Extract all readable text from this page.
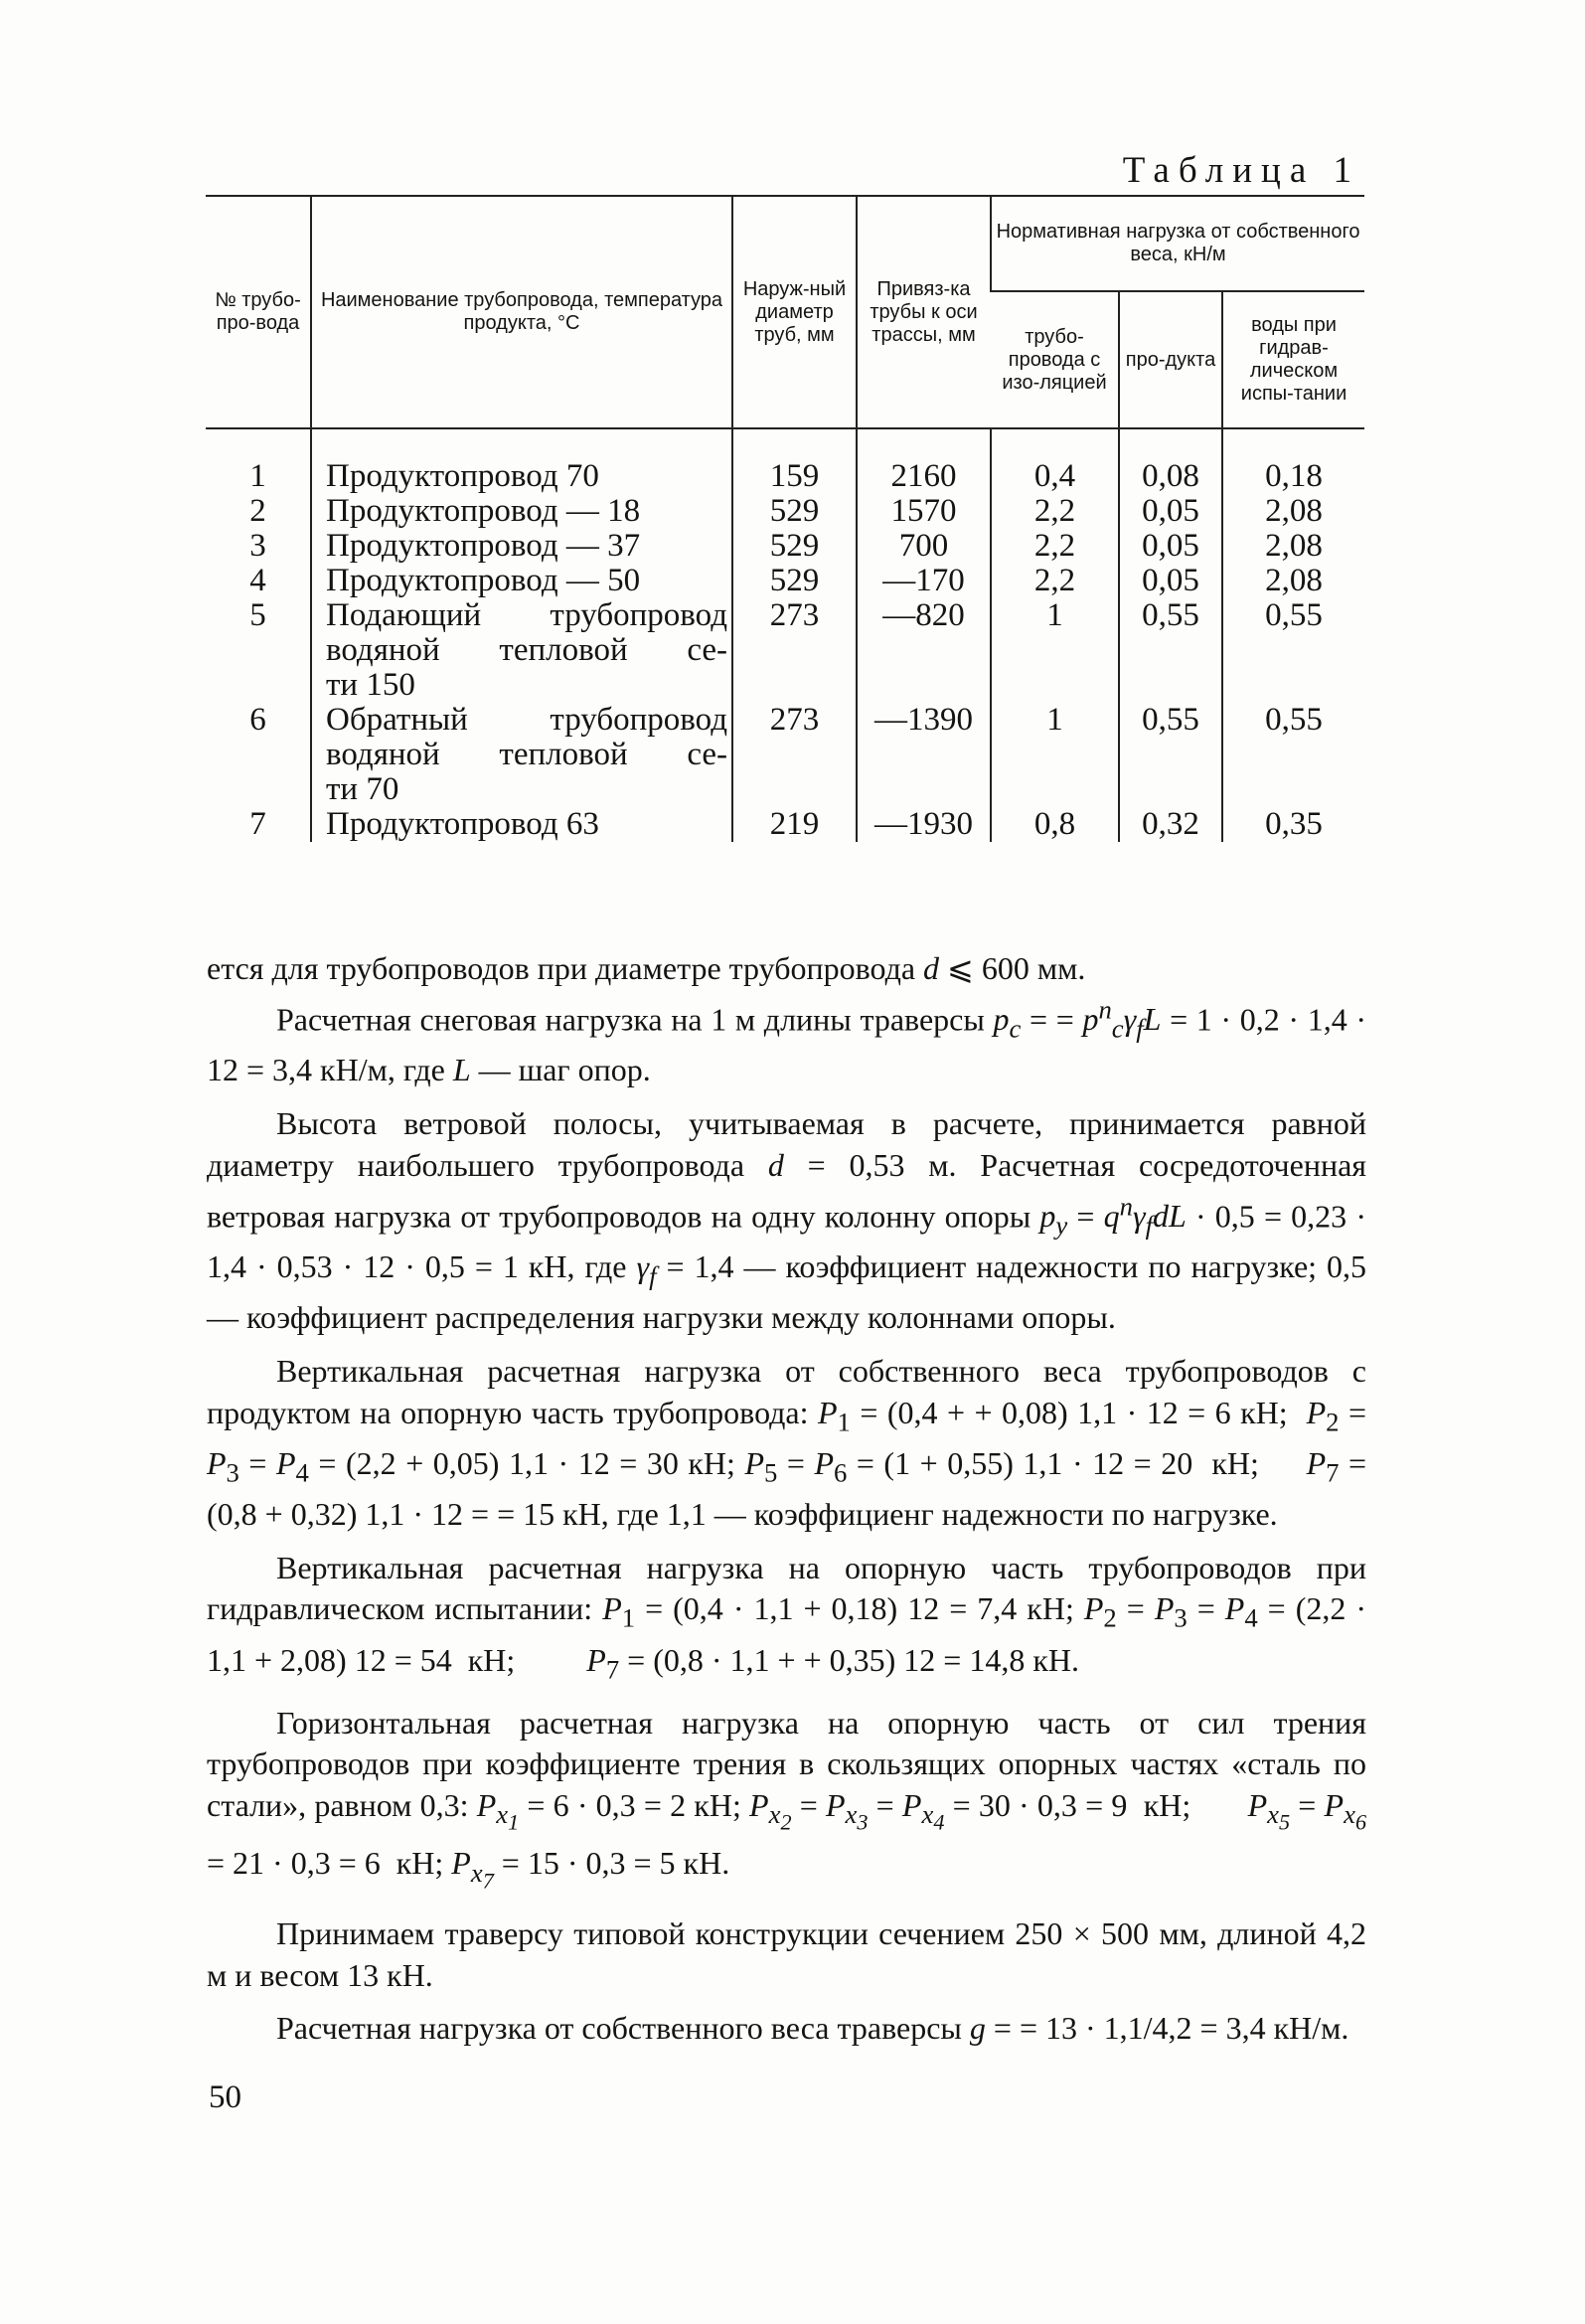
Таблица 1
№ трубо-про-вода	Наименование трубопровода, температура продукта, °С	Наруж-ный диаметр труб, мм	Привяз-ка трубы к оси трассы, мм	Нормативная нагрузка от собственного веса, кН/м		
				трубо-провода с изо-ляцией	про-дукта	воды при гидрав-лическом испы-тании
1	Продуктопровод 70	159	2160	0,4	0,08	0,18
2	Продуктопровод — 18	529	1570	2,2	0,05	2,08
3	Продуктопровод — 37	529	700	2,2	0,05	2,08
4	Продуктопровод — 50	529	—170	2,2	0,05	2,08
5	Подающий трубопровод
водяной тепловой се-
ти 150	273	—820	1	0,55	0,55
6	Обратный трубопровод
водяной тепловой се-
ти 70	273	—1390	1	0,55	0,55
7	Продуктопровод 63	219	—1930	0,8	0,32	0,35

ется для трубопроводов при диаметре трубопровода d ⩽ 600 мм.

Расчетная снеговая нагрузка на 1 м длины траверсы $p_c$ = = $p^n_c\gamma_fL = 1 \cdot 0,2 \cdot 1,4 \cdot 12 = 3,4$ кН/м, где L — шаг опор.

Высота ветровой полосы, учитываемая в расчете, принимается равной диаметру наибольшего трубопровода d = 0,53 м. Расчетная сосредоточенная ветровая нагрузка от трубопроводов на одну колонну опоры $p_y = q^n\gamma_fdL \cdot 0,5 = 0,23 \cdot 1,4 \cdot 0,53 \cdot 12 \cdot 0,5 = 1$ кН, где $\gamma_f = 1,4$ — коэффициент надежности по нагрузке; 0,5 — коэффициент распределения нагрузки между колоннами опоры.

Вертикальная расчетная нагрузка от собственного веса трубопроводов с продуктом на опорную часть трубопровода: $P_1 = (0,4$ + + 0,08) 1,1 · 12 = 6 кН;  $P_2 = P_3 = P_4 = (2,2 + 0,05) 1,1 \cdot 12 = 30$ кН; $P_5 = P_6 = (1 + 0,55) 1,1 \cdot 12 = 20$  кН;     $P_7 = (0,8 + 0,32) 1,1 \cdot 12$ = = 15 кН, где 1,1 — коэффициенг надежности по нагрузке.

Вертикальная расчетная нагрузка на опорную часть трубопроводов при гидравлическом испытании: $P_1 = (0,4 \cdot 1,1 + 0,18) 12 = 7,4$ кН; $P_2 = P_3 = P_4 = (2,2 \cdot 1,1 + 2,08) 12 = 54$  кН;         $P_7 = (0,8 \cdot 1,1$ + + 0,35) 12 = 14,8 кН.

Горизонтальная расчетная нагрузка на опорную часть от сил трения трубопроводов при коэффициенте трения в скользящих опорных частях «сталь по стали», равном 0,3: $P_{x_1} = 6 \cdot 0,3 = 2$ кН; $P_{x_2} = P_{x_3} = P_{x_4} = 30 \cdot 0,3 = 9$  кН;       $P_{x_5} = P_{x_6} = 21 \cdot 0,3 = 6$  кН; $P_{x_7} = 15 \cdot 0,3 = 5$ кН.

Принимаем траверсу типовой конструкции сечением 250 × 500 мм, длиной 4,2 м и весом 13 кН.

Расчетная нагрузка от собственного веса траверсы g = = 13 · 1,1/4,2 = 3,4 кН/м.

50
